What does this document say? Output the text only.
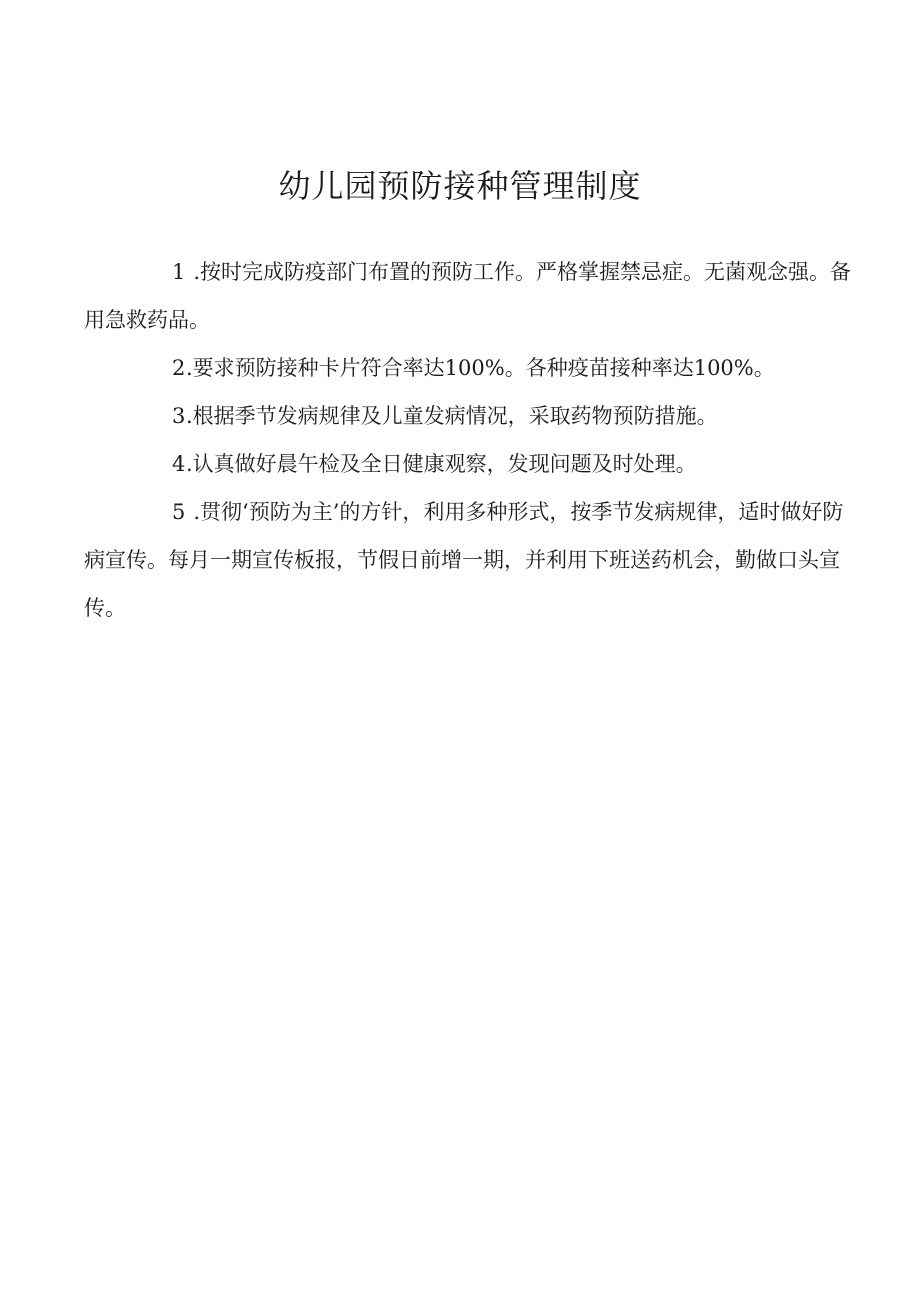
幼儿园预防接种管理制度

1 .按时完成防疫部门布置的预防工作。严格掌握禁忌症。无菌观念强。备用急救药品。

2.要求预防接种卡片符合率达100%。各种疫苗接种率达100%。

3.根据季节发病规律及儿童发病情况，采取药物预防措施。

4.认真做好晨午检及全日健康观察，发现问题及时处理。

5 .贯彻‘预防为主’的方针，利用多种形式，按季节发病规律，适时做好防病宣传。每月一期宣传板报，节假日前增一期，并利用下班送药机会，勤做口头宣传。
